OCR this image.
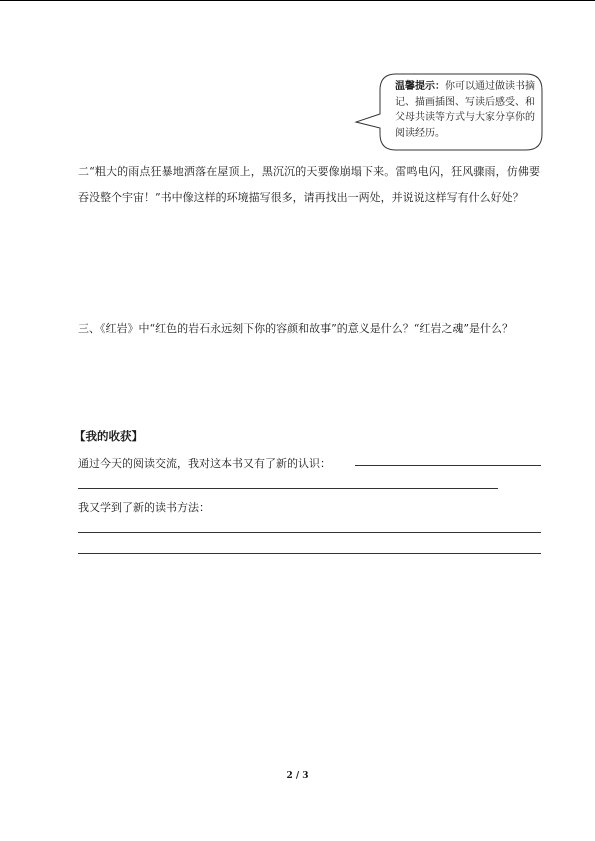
温馨提示：你可以通过做读书摘记、描画插图、写读后感受、和父母共读等方式与大家分享你的阅读经历。
二“粗大的雨点狂暴地洒落在屋顶上，黑沉沉的天要像崩塌下来。雷鸣电闪，狂风骤雨，仿佛要吞没整个宇宙！”书中像这样的环境描写很多，请再找出一两处，并说说这样写有什么好处？
三、《红岩》中“红色的岩石永远刻下你的容颜和故事”的意义是什么？“红岩之魂”是什么？
【我的收获】
通过今天的阅读交流，我对这本书又有了新的认识：
我又学到了新的读书方法：
2 / 3
